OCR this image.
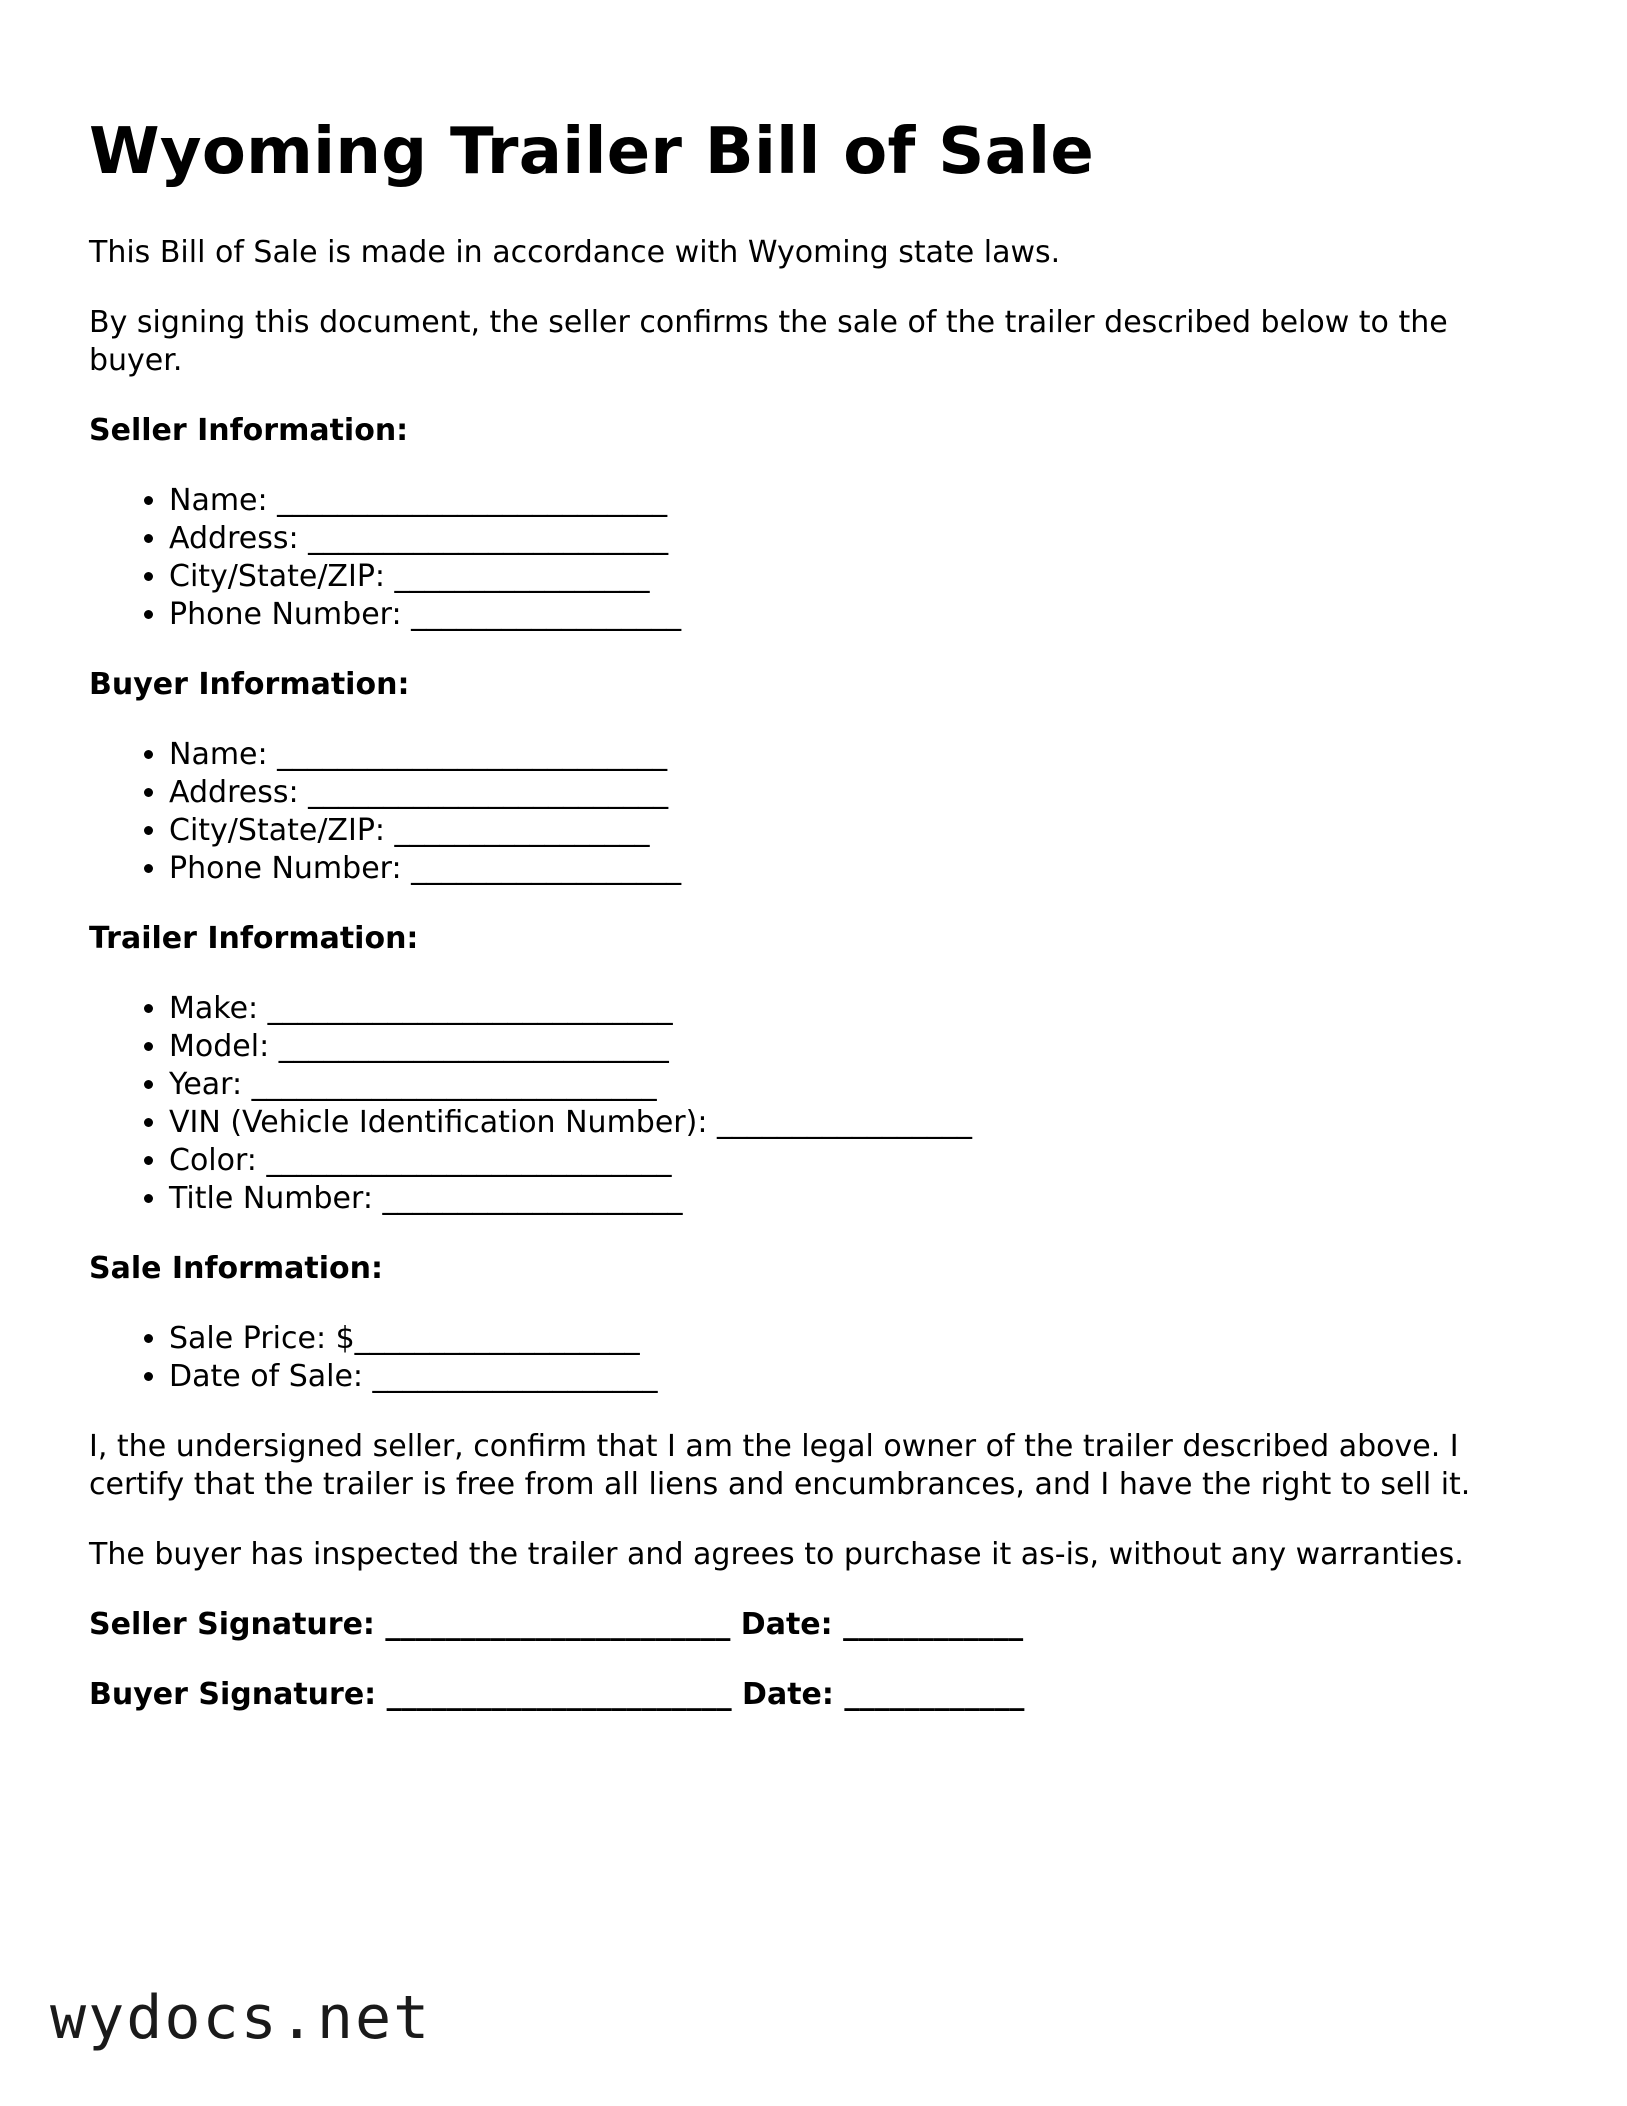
Wyoming Trailer Bill of Sale

This Bill of Sale is made in accordance with Wyoming state laws.

By signing this document, the seller confirms the sale of the trailer described below to the buyer.

Seller Information:

• Name: __________________________
• Address: ________________________
• City/State/ZIP: _________________
• Phone Number: __________________

Buyer Information:

• Name: __________________________
• Address: ________________________
• City/State/ZIP: _________________
• Phone Number: __________________

Trailer Information:

• Make: ___________________________
• Model: __________________________
• Year: ___________________________
• VIN (Vehicle Identification Number): _________________
• Color: ___________________________
• Title Number: ____________________

Sale Information:

• Sale Price: $___________________
• Date of Sale: ___________________

I, the undersigned seller, confirm that I am the legal owner of the trailer described above. I certify that the trailer is free from all liens and encumbrances, and I have the right to sell it.

The buyer has inspected the trailer and agrees to purchase it as-is, without any warranties.

Seller Signature: _______________________ Date: ____________

Buyer Signature: _______________________ Date: ____________

wydocs.net
